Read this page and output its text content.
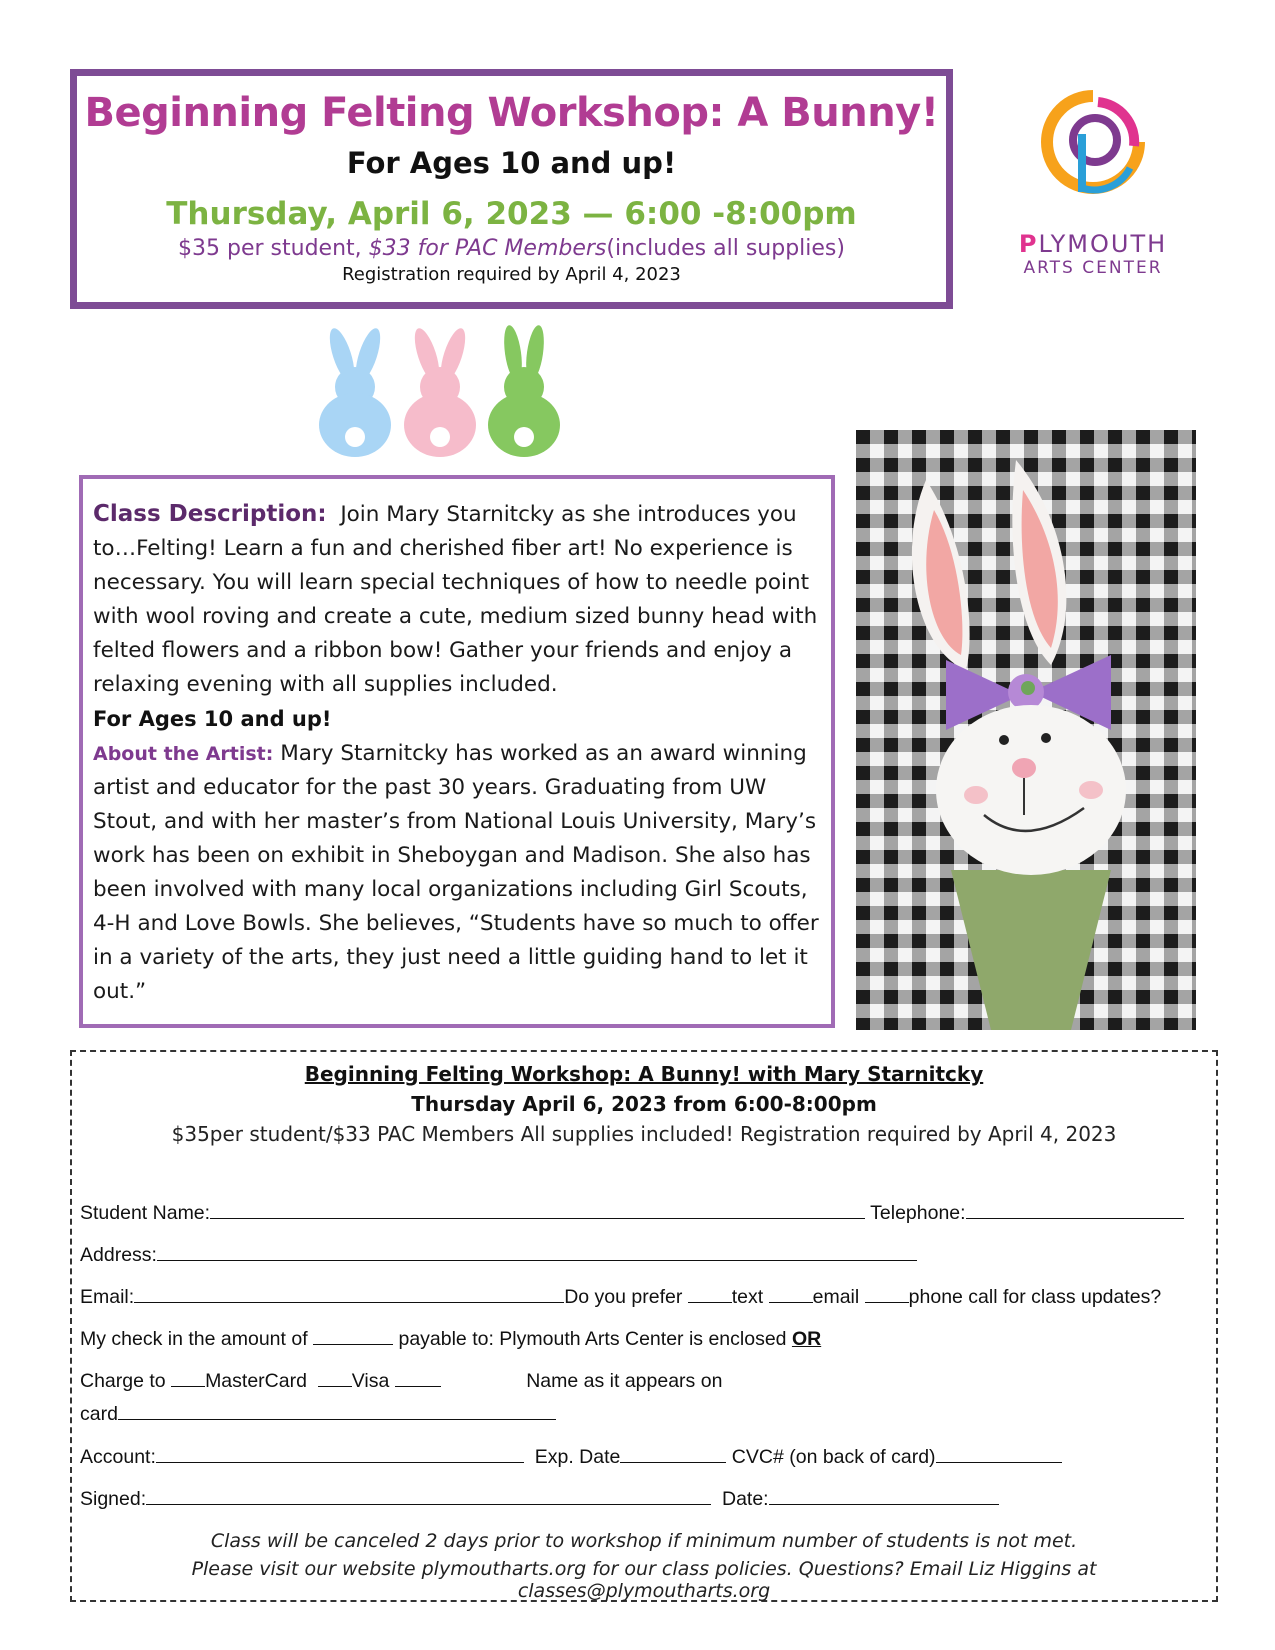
Beginning Felting Workshop: A Bunny!
For Ages 10 and up!
Thursday, April 6, 2023 — 6:00 -8:00pm
$35 per student, $33 for PAC Members(includes all supplies)
Registration required by April 4, 2023
PLYMOUTH
ARTS CENTER

Class Description: Join Mary Starnitcky as she introduces you to…Felting! Learn a fun and cherished fiber art! No experience is necessary. You will learn special techniques of how to needle point with wool roving and create a cute, medium sized bunny head with felted flowers and a ribbon bow! Gather your friends and enjoy a relaxing evening with all supplies included.

For Ages 10 and up!

About the Artist: Mary Starnitcky has worked as an award winning artist and educator for the past 30 years. Graduating from UW Stout, and with her master’s from National Louis University, Mary’s work has been on exhibit in Sheboygan and Madison. She also has been involved with many local organizations including Girl Scouts, 4-H and Love Bowls. She believes, “Students have so much to offer in a variety of the arts, they just need a little guiding hand to let it out.”

Beginning Felting Workshop: A Bunny! with Mary Starnitcky
Thursday April 6, 2023 from 6:00-8:00pm
$35per student/$33 PAC Members All supplies included! Registration required by April 4, 2023
Student Name:	Telephone:
Address:
Email:	Do you prefer	text	email	phone call for class updates?
My check in the amount of	payable to: Plymouth Arts Center is enclosed OR
Charge to MasterCard Visa	Name as it appears on
card
Account:	Exp. Date	CVC# (on back of card)
Signed:	Date:
Class will be canceled 2 days prior to workshop if minimum number of students is not met.
Please visit our website plymoutharts.org for our class policies. Questions? Email Liz Higgins at classes@plymoutharts.org
